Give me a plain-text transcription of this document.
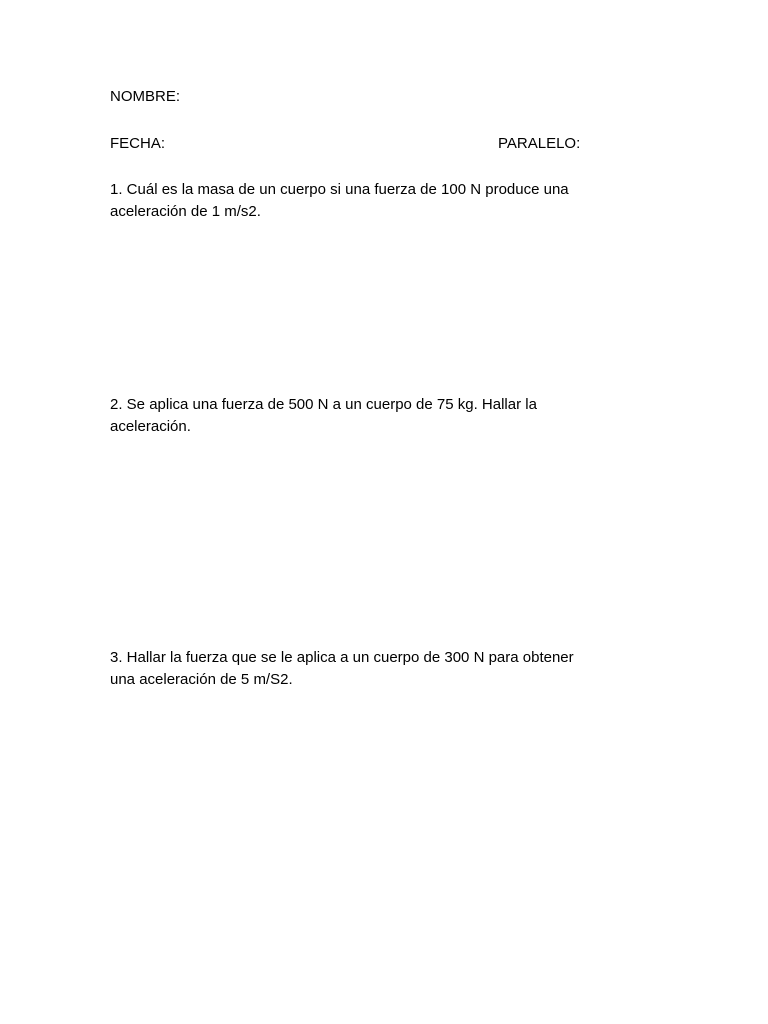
NOMBRE:
FECHA:	PARALELO:
1. Cuál es la masa de un cuerpo si una fuerza de 100 N produce una
aceleración de 1 m/s2.
2. Se aplica una fuerza de 500 N a un cuerpo de 75 kg. Hallar la
aceleración.
3. Hallar la fuerza que se le aplica a un cuerpo de 300 N para obtener
una aceleración de 5 m/S2.
